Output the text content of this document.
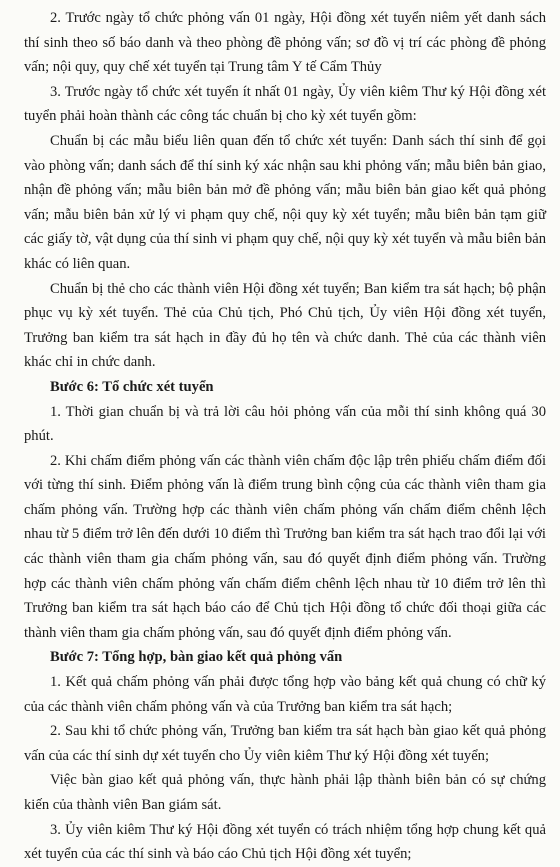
2. Trước ngày tổ chức phỏng vấn 01 ngày, Hội đồng xét tuyển niêm yết danh sách thí sinh theo số báo danh và theo phòng đề phỏng vấn; sơ đồ vị trí các phòng đề phỏng vấn; nội quy, quy chế xét tuyển tại Trung tâm Y tế Cẩm Thủy

3. Trước ngày tổ chức xét tuyển ít nhất 01 ngày, Ủy viên kiêm Thư ký Hội đồng xét tuyển phải hoàn thành các công tác chuẩn bị cho kỳ xét tuyển gồm:

Chuẩn bị các mẫu biểu liên quan đến tổ chức xét tuyển: Danh sách thí sinh để gọi vào phòng vấn; danh sách để thí sinh ký xác nhận sau khi phỏng vấn; mẫu biên bản giao, nhận đề phỏng vấn; mẫu biên bản mở đề phỏng vấn; mẫu biên bản giao kết quả phỏng vấn; mẫu biên bản xử lý vi phạm quy chế, nội quy kỳ xét tuyển; mẫu biên bản tạm giữ các giấy tờ, vật dụng của thí sinh vi phạm quy chế, nội quy kỳ xét tuyển và mẫu biên bản khác có liên quan.

Chuẩn bị thẻ cho các thành viên Hội đồng xét tuyển; Ban kiểm tra sát hạch; bộ phận phục vụ kỳ xét tuyển. Thẻ của Chủ tịch, Phó Chủ tịch, Ủy viên Hội đồng xét tuyển, Trưởng ban kiểm tra sát hạch in đầy đủ họ tên và chức danh. Thẻ của các thành viên khác chỉ in chức danh.

Bước 6: Tổ chức xét tuyển

1. Thời gian chuẩn bị và trả lời câu hỏi phỏng vấn của mỗi thí sinh không quá 30 phút.

2. Khi chấm điểm phỏng vấn các thành viên chấm độc lập trên phiếu chấm điểm đối với từng thí sinh. Điểm phỏng vấn là điểm trung bình cộng của các thành viên tham gia chấm phỏng vấn. Trường hợp các thành viên chấm phỏng vấn chấm điểm chênh lệch nhau từ 5 điểm trở lên đến dưới 10 điểm thì Trưởng ban kiểm tra sát hạch trao đổi lại với các thành viên tham gia chấm phỏng vấn, sau đó quyết định điểm phỏng vấn. Trường hợp các thành viên chấm phỏng vấn chấm điểm chênh lệch nhau từ 10 điểm trở lên thì Trưởng ban kiểm tra sát hạch báo cáo để Chủ tịch Hội đồng tổ chức đối thoại giữa các thành viên tham gia chấm phỏng vấn, sau đó quyết định điểm phỏng vấn.

Bước 7: Tổng hợp, bàn giao kết quả phỏng vấn

1. Kết quả chấm phỏng vấn phải được tổng hợp vào bảng kết quả chung có chữ ký của các thành viên chấm phỏng vấn và của Trưởng ban kiểm tra sát hạch;

2. Sau khi tổ chức phỏng vấn, Trưởng ban kiểm tra sát hạch bàn giao kết quả phỏng vấn của các thí sinh dự xét tuyển cho Ủy viên kiêm Thư ký Hội đồng xét tuyển;

Việc bàn giao kết quả phỏng vấn, thực hành phải lập thành biên bản có sự chứng kiến của thành viên Ban giám sát.

3. Ủy viên kiêm Thư ký Hội đồng xét tuyển có trách nhiệm tổng hợp chung kết quả xét tuyển của các thí sinh và báo cáo Chủ tịch Hội đồng xét tuyển;
